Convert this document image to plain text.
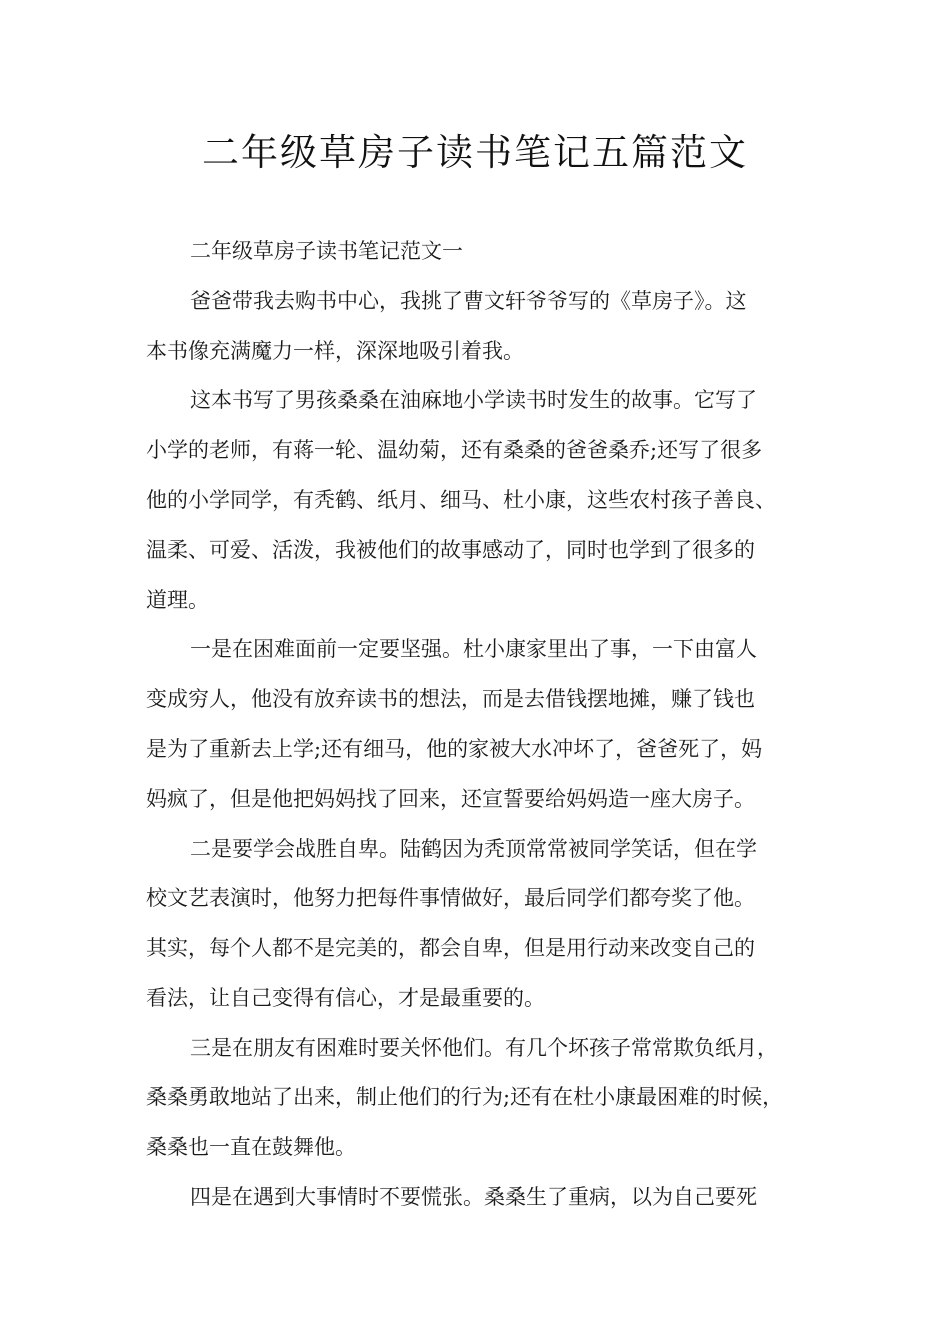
二年级草房子读书笔记五篇范文
二年级草房子读书笔记范文一
爸爸带我去购书中心，我挑了曹文轩爷爷写的《草房子》。这
本书像充满魔力一样，深深地吸引着我。
这本书写了男孩桑桑在油麻地小学读书时发生的故事。它写了
小学的老师，有蒋一轮、温幼菊，还有桑桑的爸爸桑乔;还写了很多
他的小学同学，有秃鹤、纸月、细马、杜小康，这些农村孩子善良、
温柔、可爱、活泼，我被他们的故事感动了，同时也学到了很多的
道理。
一是在困难面前一定要坚强。杜小康家里出了事，一下由富人
变成穷人，他没有放弃读书的想法，而是去借钱摆地摊，赚了钱也
是为了重新去上学;还有细马，他的家被大水冲坏了，爸爸死了，妈
妈疯了，但是他把妈妈找了回来，还宣誓要给妈妈造一座大房子。
二是要学会战胜自卑。陆鹤因为秃顶常常被同学笑话，但在学
校文艺表演时，他努力把每件事情做好，最后同学们都夸奖了他。
其实，每个人都不是完美的，都会自卑，但是用行动来改变自己的
看法，让自己变得有信心，才是最重要的。
三是在朋友有困难时要关怀他们。有几个坏孩子常常欺负纸月，
桑桑勇敢地站了出来，制止他们的行为;还有在杜小康最困难的时候，
桑桑也一直在鼓舞他。
四是在遇到大事情时不要慌张。桑桑生了重病，以为自己要死
